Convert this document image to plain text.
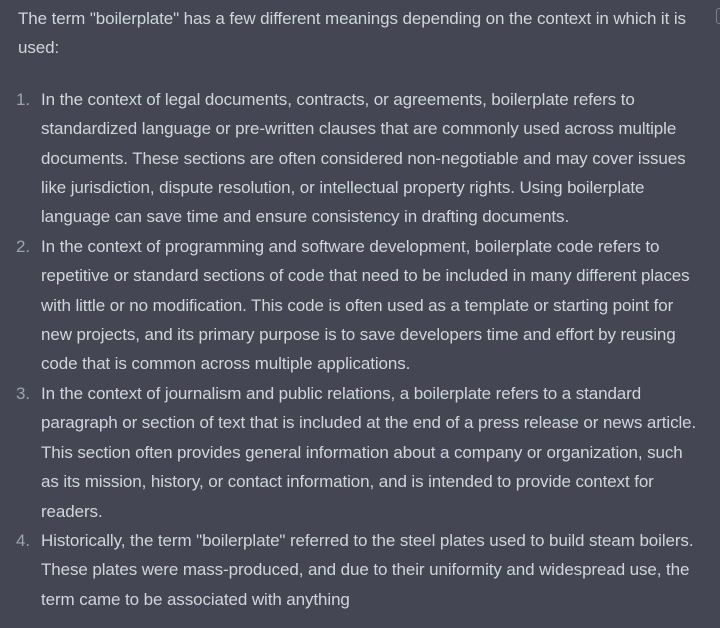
The term "boilerplate" has a few different meanings depending on the context in which it is used:

1. In the context of legal documents, contracts, or agreements, boilerplate refers to standardized language or pre-written clauses that are commonly used across multiple documents. These sections are often considered non-negotiable and may cover issues like jurisdiction, dispute resolution, or intellectual property rights. Using boilerplate language can save time and ensure consistency in drafting documents.
2. In the context of programming and software development, boilerplate code refers to repetitive or standard sections of code that need to be included in many different places with little or no modification. This code is often used as a template or starting point for new projects, and its primary purpose is to save developers time and effort by reusing code that is common across multiple applications.
3. In the context of journalism and public relations, a boilerplate refers to a standard paragraph or section of text that is included at the end of a press release or news article. This section often provides general information about a company or organization, such as its mission, history, or contact information, and is intended to provide context for readers.
4. Historically, the term "boilerplate" referred to the steel plates used to build steam boilers. These plates were mass-produced, and due to their uniformity and widespread use, the term came to be associated with anything
